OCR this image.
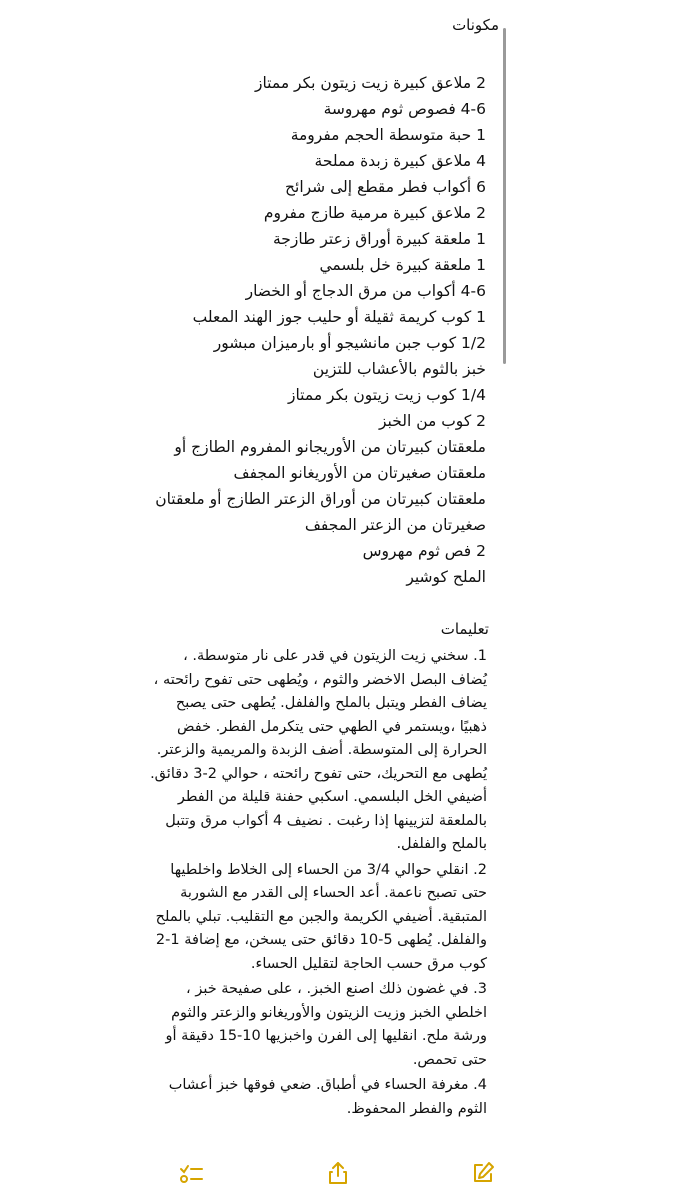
مكونات
2 ملاعق كبيرة زيت زيتون بكر ممتاز
4-6 فصوص ثوم مهروسة
1 حبة متوسطة الحجم مفرومة
4 ملاعق كبيرة زبدة مملحة
6 أكواب فطر مقطع إلى شرائح
2 ملاعق كبيرة مرمية طازج مفروم
1 ملعقة كبيرة أوراق زعتر طازجة
1 ملعقة كبيرة خل بلسمي
4-6 أكواب من مرق الدجاج أو الخضار
1 كوب كريمة ثقيلة أو حليب جوز الهند المعلب
1/2 كوب جبن مانشيجو أو بارميزان مبشور
خبز بالثوم بالأعشاب للتزين
1/4 كوب زيت زيتون بكر ممتاز
2 كوب من الخبز
ملعقتان كبيرتان من الأوريجانو المفروم الطازج أو
ملعقتان صغيرتان من الأوريغانو المجفف
ملعقتان كبيرتان من أوراق الزعتر الطازج أو ملعقتان
صغيرتان من الزعتر المجفف
2 فص ثوم مهروس
الملح كوشير
تعليمات

1. سخني زيت الزيتون في قدر على نار متوسطة. ، يُضاف البصل الاخضر والثوم ، ويُطهى حتى تفوح رائحته ، يضاف الفطر ويتبل بالملح والفلفل. يُطهى حتى يصبح ذهبيًا ،ويستمر في الطهي حتى يتكرمل الفطر. خفض الحرارة إلى المتوسطة. أضف الزبدة والمريمية والزعتر. يُطهى مع التحريك، حتى تفوح رائحته ، حوالي 2-3 دقائق. أضيفي الخل البلسمي. اسكبي حفنة قليلة من الفطر بالملعقة لتزيينها إذا رغبت . نضيف 4 أكواب مرق وتتبل بالملح والفلفل.

2. انقلي حوالي 3/4 من الحساء إلى الخلاط واخلطيها حتى تصبح ناعمة. أعد الحساء إلى القدر مع الشوربة المتبقية. أضيفي الكريمة والجبن مع التقليب. تبلي بالملح والفلفل. يُطهى 5-10 دقائق حتى يسخن، مع إضافة 1-2 كوب مرق حسب الحاجة لتقليل الحساء.

3. في غضون ذلك اصنع الخبز. ، على صفيحة خبز ، اخلطي الخبز وزيت الزيتون والأوريغانو والزعتر والثوم ورشة ملح. انقليها إلى الفرن واخبزيها 10-15 دقيقة أو حتى تحمص.

4. مغرفة الحساء في أطباق. ضعي فوقها خبز أعشاب الثوم والفطر المحفوظ.
